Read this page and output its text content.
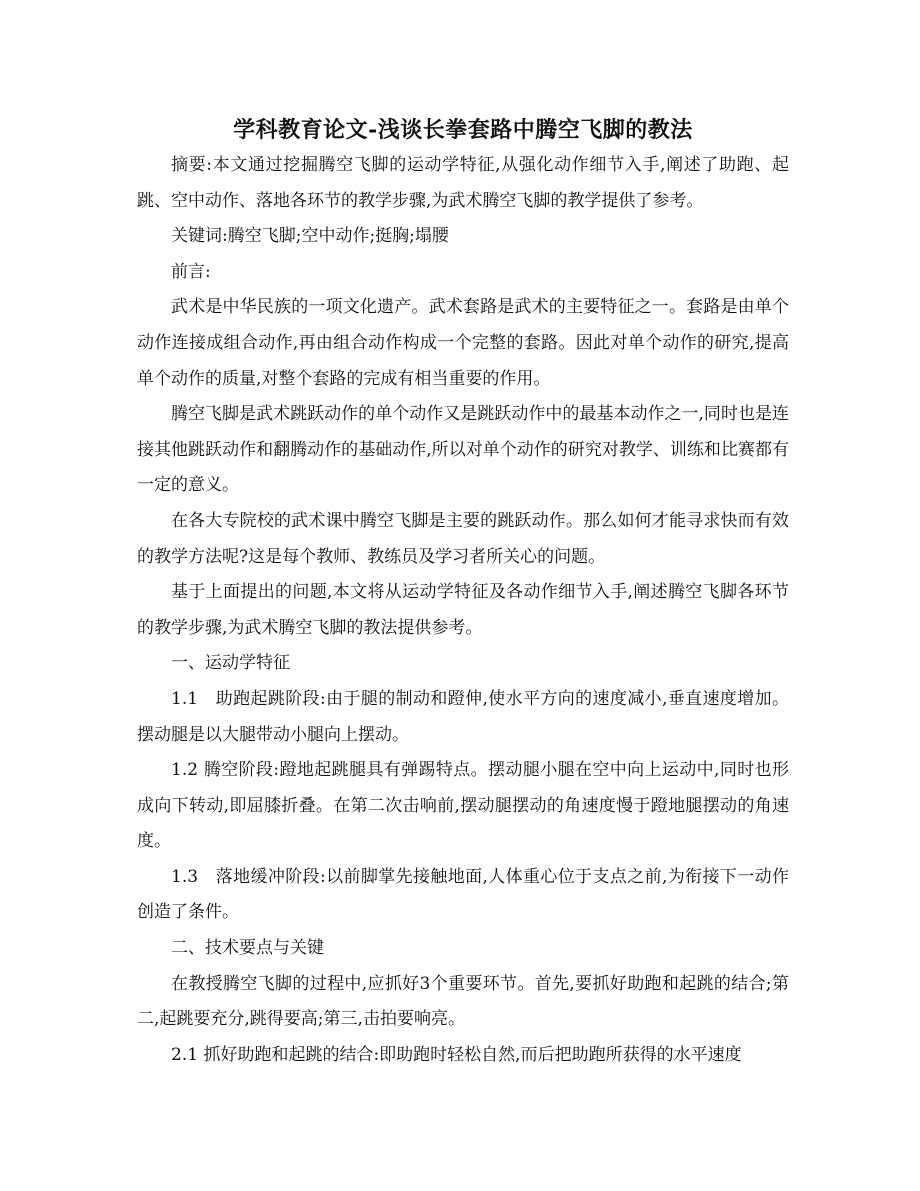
学科教育论文-浅谈长拳套路中腾空飞脚的教法

摘要:本文通过挖掘腾空飞脚的运动学特征,从强化动作细节入手,阐述了助跑、起跳、空中动作、落地各环节的教学步骤,为武术腾空飞脚的教学提供了参考。

关键词:腾空飞脚;空中动作;挺胸;塌腰

前言:

武术是中华民族的一项文化遗产。武术套路是武术的主要特征之一。套路是由单个动作连接成组合动作,再由组合动作构成一个完整的套路。因此对单个动作的研究,提高单个动作的质量,对整个套路的完成有相当重要的作用。

腾空飞脚是武术跳跃动作的单个动作又是跳跃动作中的最基本动作之一,同时也是连接其他跳跃动作和翻腾动作的基础动作,所以对单个动作的研究对教学、训练和比赛都有一定的意义。

在各大专院校的武术课中腾空飞脚是主要的跳跃动作。那么如何才能寻求快而有效的教学方法呢?这是每个教师、教练员及学习者所关心的问题。

基于上面提出的问题,本文将从运动学特征及各动作细节入手,阐述腾空飞脚各环节的教学步骤,为武术腾空飞脚的教法提供参考。

一、运动学特征

1.1　助跑起跳阶段:由于腿的制动和蹬伸,使水平方向的速度减小,垂直速度增加。摆动腿是以大腿带动小腿向上摆动。

1.2 腾空阶段:蹬地起跳腿具有弹踢特点。摆动腿小腿在空中向上运动中,同时也形成向下转动,即屈膝折叠。在第二次击响前,摆动腿摆动的角速度慢于蹬地腿摆动的角速度。

1.3　落地缓冲阶段:以前脚掌先接触地面,人体重心位于支点之前,为衔接下一动作创造了条件。

二、技术要点与关键

在教授腾空飞脚的过程中,应抓好3个重要环节。首先,要抓好助跑和起跳的结合;第二,起跳要充分,跳得要高;第三,击拍要响亮。

2.1 抓好助跑和起跳的结合:即助跑时轻松自然,而后把助跑所获得的水平速度
